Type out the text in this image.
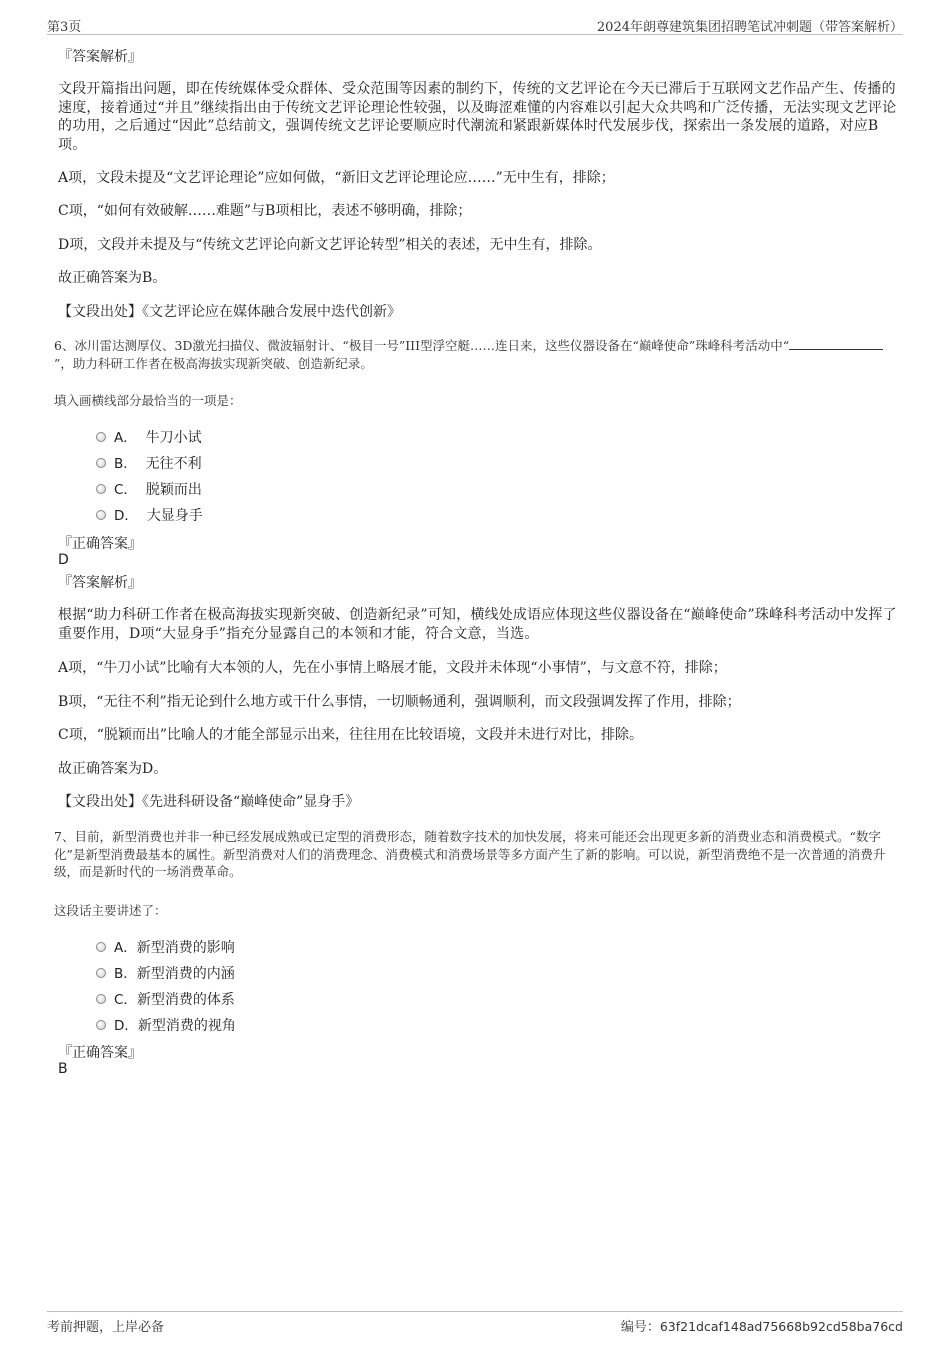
第3页	2024年朗尊建筑集团招聘笔试冲刺题（带答案解析）
『答案解析』
文段开篇指出问题，即在传统媒体受众群体、受众范围等因素的制约下，传统的文艺评论在今天已滞后于互联网文艺作品产生、传播的速度，接着通过“并且”继续指出由于传统文艺评论理论性较强，以及晦涩难懂的内容难以引起大众共鸣和广泛传播，无法实现文艺评论的功用，之后通过“因此”总结前文，强调传统文艺评论要顺应时代潮流和紧跟新媒体时代发展步伐，探索出一条发展的道路，对应B项。
A项，文段未提及“文艺评论理论”应如何做，“新旧文艺评论理论应……”无中生有，排除；
C项，“如何有效破解……难题”与B项相比，表述不够明确，排除；
D项，文段并未提及与“传统文艺评论向新文艺评论转型”相关的表述，无中生有，排除。
故正确答案为B。
【文段出处】《文艺评论应在媒体融合发展中迭代创新》
6、冰川雷达测厚仪、3D激光扫描仪、微波辐射计、“极目一号”III型浮空艇……连日来，这些仪器设备在“巅峰使命”珠峰科考活动中“”，助力科研工作者在极高海拔实现新突破、创造新纪录。
填入画横线部分最恰当的一项是：
A． 牛刀小试
B． 无往不利
C． 脱颖而出
D． 大显身手
『正确答案』
D
『答案解析』
根据“助力科研工作者在极高海拔实现新突破、创造新纪录”可知，横线处成语应体现这些仪器设备在“巅峰使命”珠峰科考活动中发挥了重要作用，D项“大显身手”指充分显露自己的本领和才能，符合文意，当选。
A项，“牛刀小试”比喻有大本领的人，先在小事情上略展才能，文段并未体现“小事情”，与文意不符，排除；
B项，“无往不利”指无论到什么地方或干什么事情，一切顺畅通利，强调顺利，而文段强调发挥了作用，排除；
C项，“脱颖而出”比喻人的才能全部显示出来，往往用在比较语境，文段并未进行对比，排除。
故正确答案为D。
【文段出处】《先进科研设备“巅峰使命”显身手》
7、目前，新型消费也并非一种已经发展成熟或已定型的消费形态，随着数字技术的加快发展，将来可能还会出现更多新的消费业态和消费模式。“数字化”是新型消费最基本的属性。新型消费对人们的消费理念、消费模式和消费场景等多方面产生了新的影响。可以说，新型消费绝不是一次普通的消费升级，而是新时代的一场消费革命。
这段话主要讲述了：
A．新型消费的影响
B．新型消费的内涵
C．新型消费的体系
D．新型消费的视角
『正确答案』
B
考前押题，上岸必备	编号：63f21dcaf148ad75668b92cd58ba76cd
